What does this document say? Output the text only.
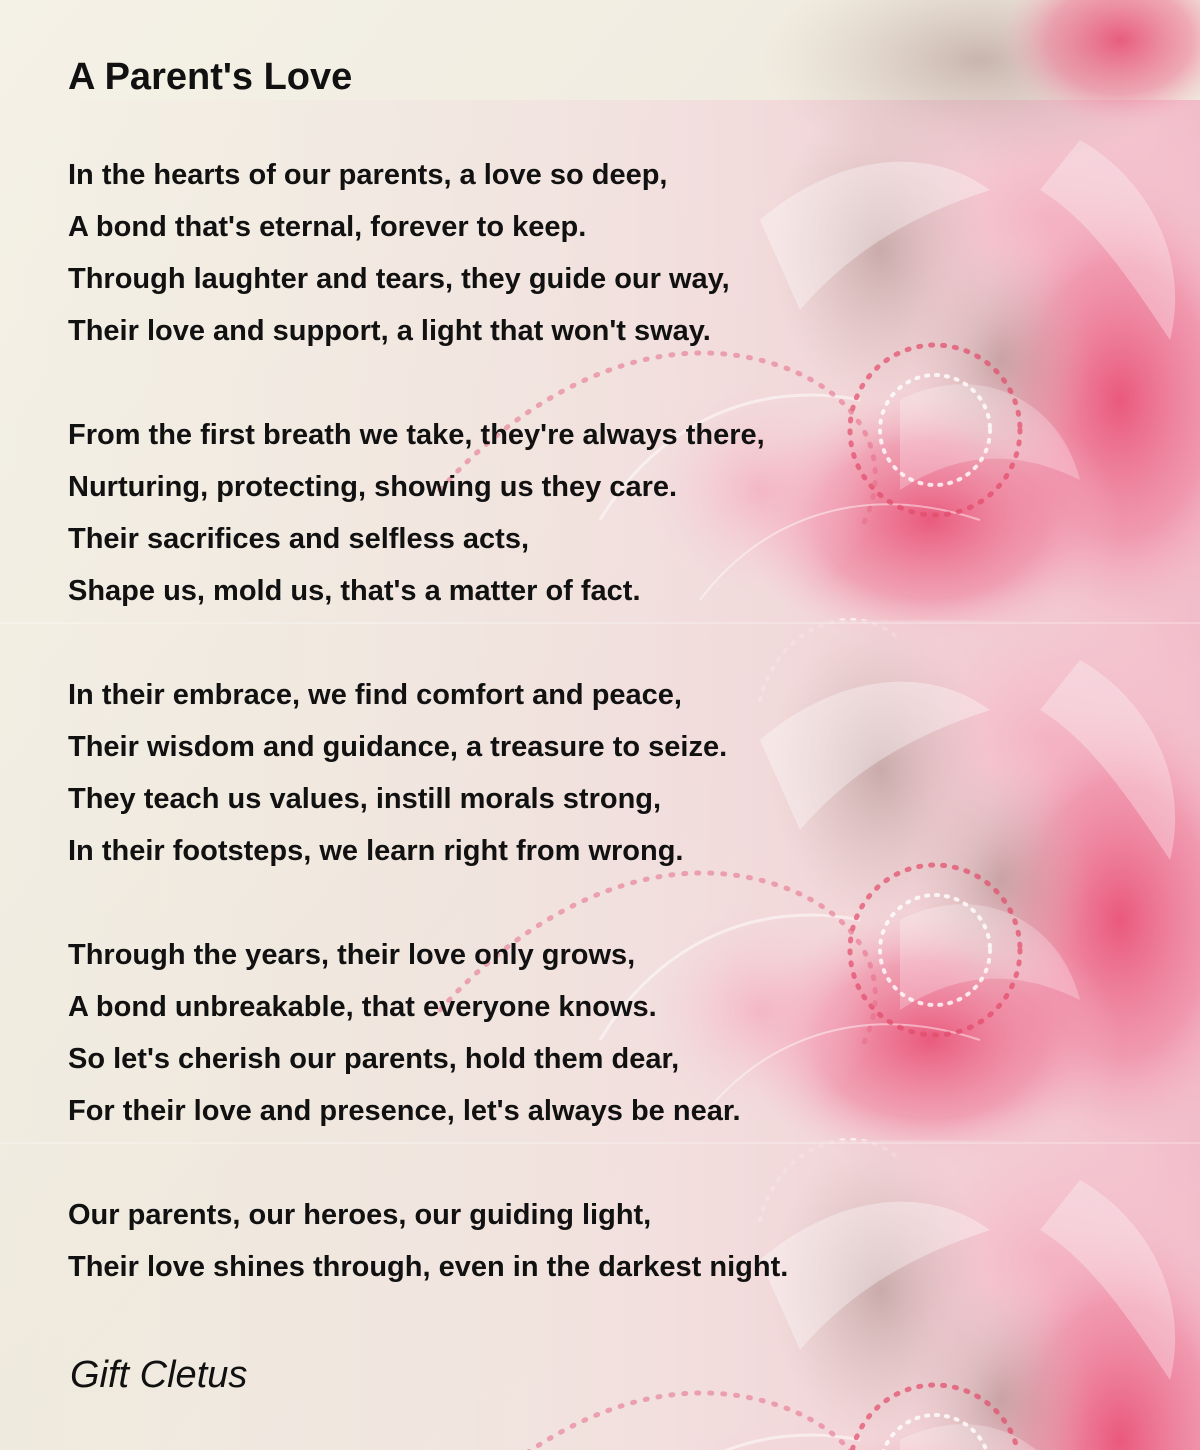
A Parent's Love
In the hearts of our parents, a love so deep,
A bond that's eternal, forever to keep.
Through laughter and tears, they guide our way,
Their love and support, a light that won't sway.
From the first breath we take, they're always there,
Nurturing, protecting, showing us they care.
Their sacrifices and selfless acts,
Shape us, mold us, that's a matter of fact.
In their embrace, we find comfort and peace,
Their wisdom and guidance, a treasure to seize.
They teach us values, instill morals strong,
In their footsteps, we learn right from wrong.
Through the years, their love only grows,
A bond unbreakable, that everyone knows.
So let's cherish our parents, hold them dear,
For their love and presence, let's always be near.
Our parents, our heroes, our guiding light,
Their love shines through, even in the darkest night.
Gift Cletus
